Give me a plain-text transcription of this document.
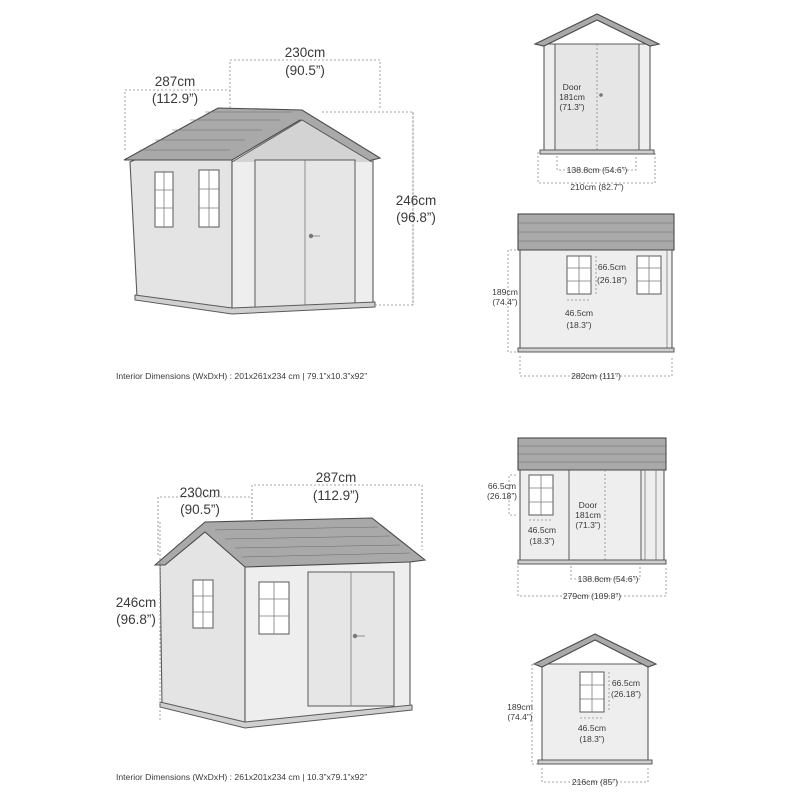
230cm
(90.5”)
287cm
(112.9”)
246cm
(96.8”)
Interior Dimensions (WxDxH) : 201x261x234 cm | 79.1”x10.3”x92”
Door
181cm
(71.3”)
138.8cm (54.6”)
210cm (82.7”)
189cm
(74.4”)
66.5cm
(26.18”)
46.5cm
(18.3”)
282cm (111”)
230cm
(90.5”)
287cm
(112.9”)
246cm
(96.8”)
Interior Dimensions (WxDxH) : 261x201x234 cm | 10.3”x79.1”x92”
66.5cm
(26.18”)
46.5cm
(18.3”)
Door
181cm
(71.3”)
138.8cm (54.6”)
279cm (109.8”)
189cm
(74.4”)
66.5cm
(26.18”)
46.5cm
(18.3”)
216cm (85”)
